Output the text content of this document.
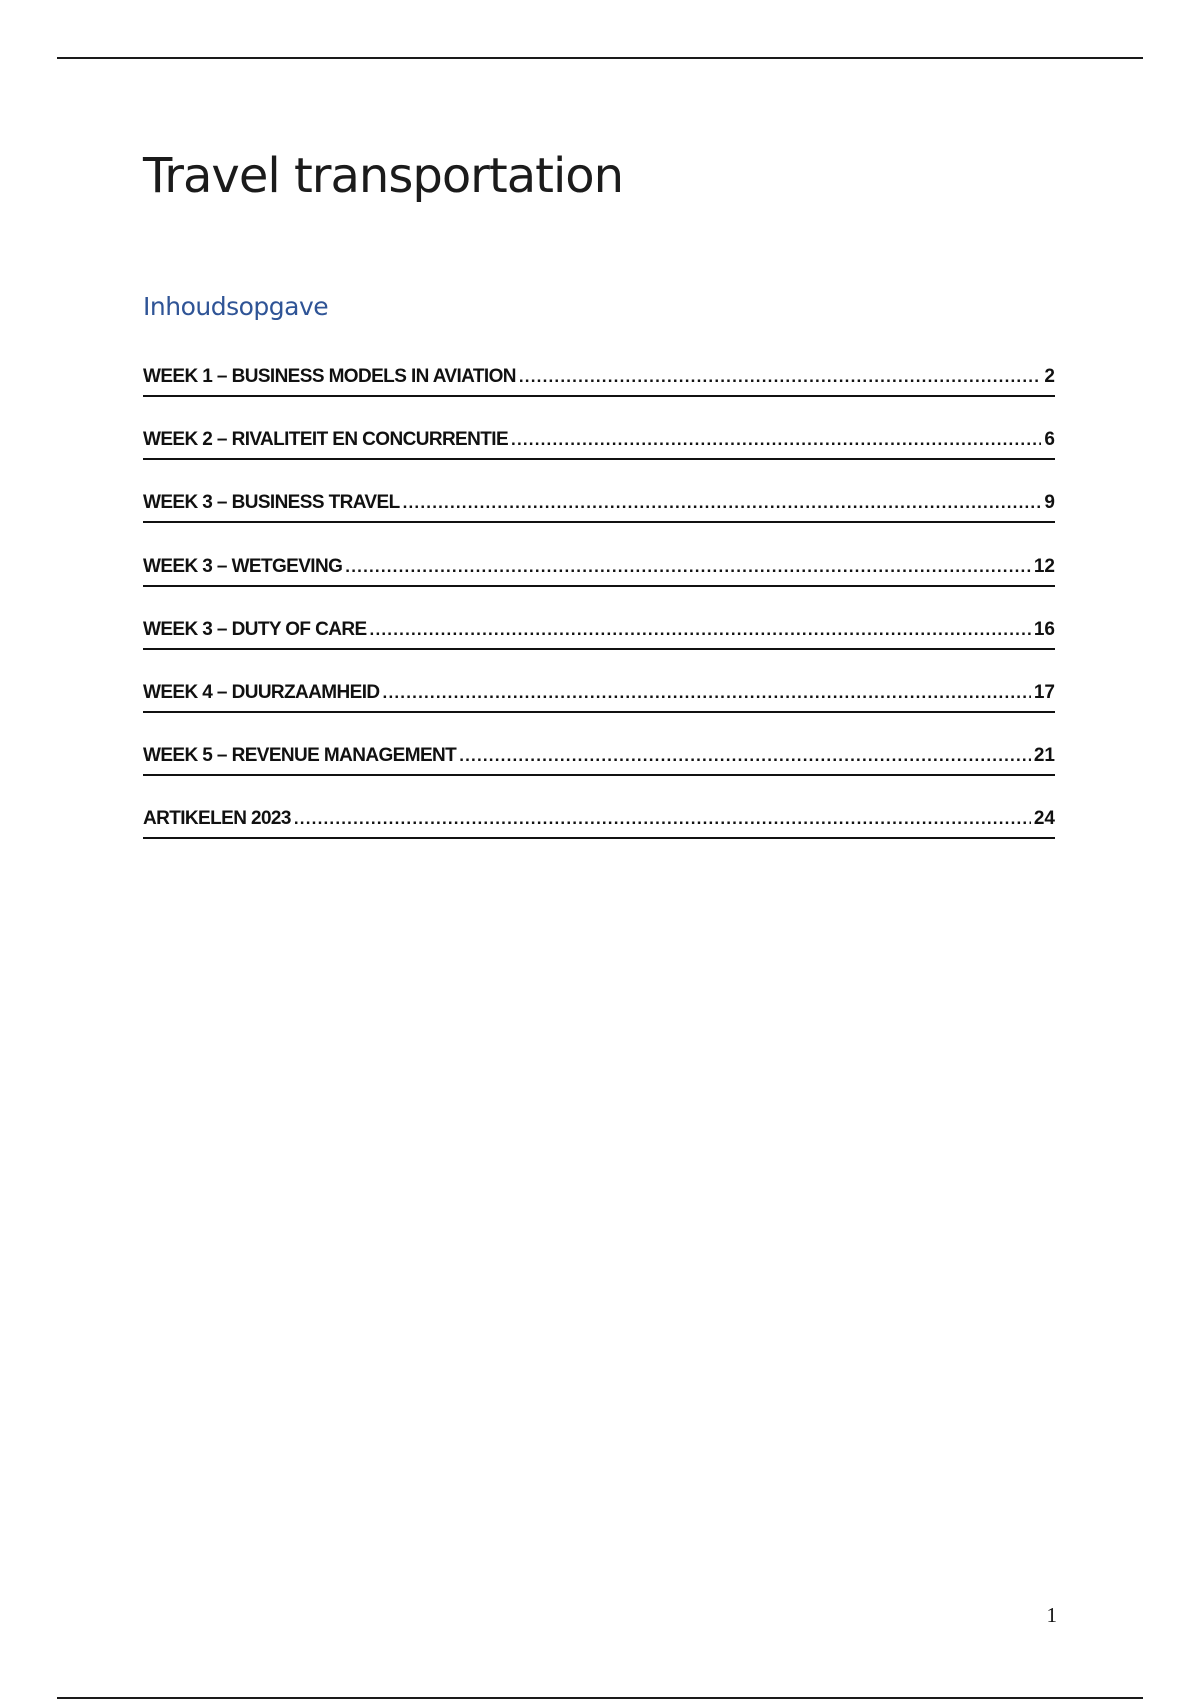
Travel transportation
Inhoudsopgave
WEEK 1 – BUSINESS MODELS IN AVIATION .....	2
WEEK 2 – RIVALITEIT EN CONCURRENTIE .....	6
WEEK 3 – BUSINESS TRAVEL .....	9
WEEK 3 – WETGEVING .....	12
WEEK 3 – DUTY OF CARE .....	16
WEEK 4 – DUURZAAMHEID .....	17
WEEK 5 – REVENUE MANAGEMENT .....	21
ARTIKELEN 2023 .....	24
1
